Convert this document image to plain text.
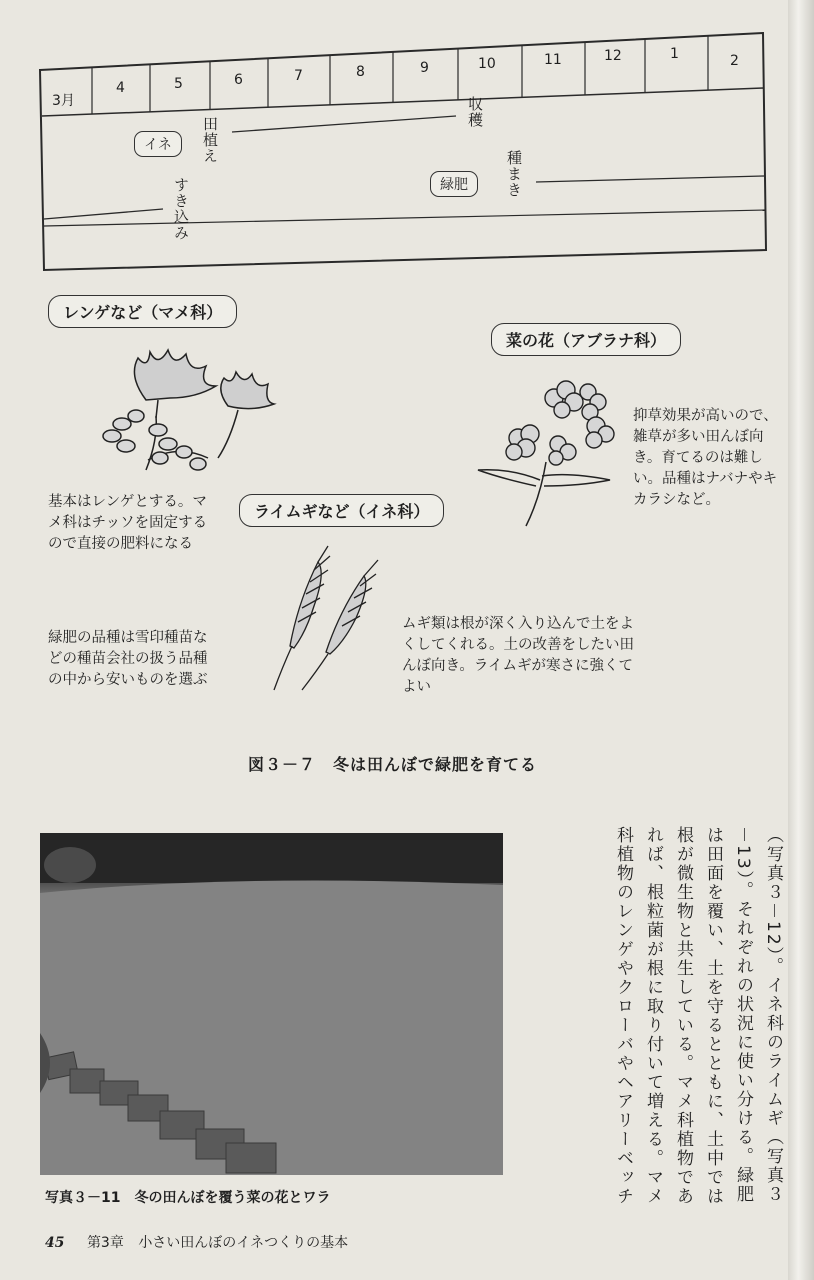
3月
4	5	6	7	8	9	10	11	12	1	2
イネ	田植え
収穫
緑肥	種まき
すき込み
レンゲなど（マメ科）
基本はレンゲとする。マメ科はチッソを固定するので直接の肥料になる
菜の花（アブラナ科）
抑草効果が高いので、雑草が多い田んぼ向き。育てるのは難しい。品種はナバナやキカラシなど。
ライムギなど（イネ科）
ムギ類は根が深く入り込んで土をよくしてくれる。土の改善をしたい田んぼ向き。ライムギが寒さに強くてよい
緑肥の品種は雪印種苗などの種苗会社の扱う品種の中から安いものを選ぶ
図３－７　冬は田んぼで緑肥を育てる
写真３－11　冬の田んぼを覆う菜の花とワラ	（写真３－12）。イネ科のライムギ（写真３－13）。それぞれの状況に使い分ける。緑肥は田面を覆い、土を守るとともに、土中では根が微生物と共生している。マメ科植物であれば、根粒菌が根に取り付いて増える。マメ科植物のレンゲやクローバやヘアリーベッチ
45 第3章 小さい田んぼのイネつくりの基本
